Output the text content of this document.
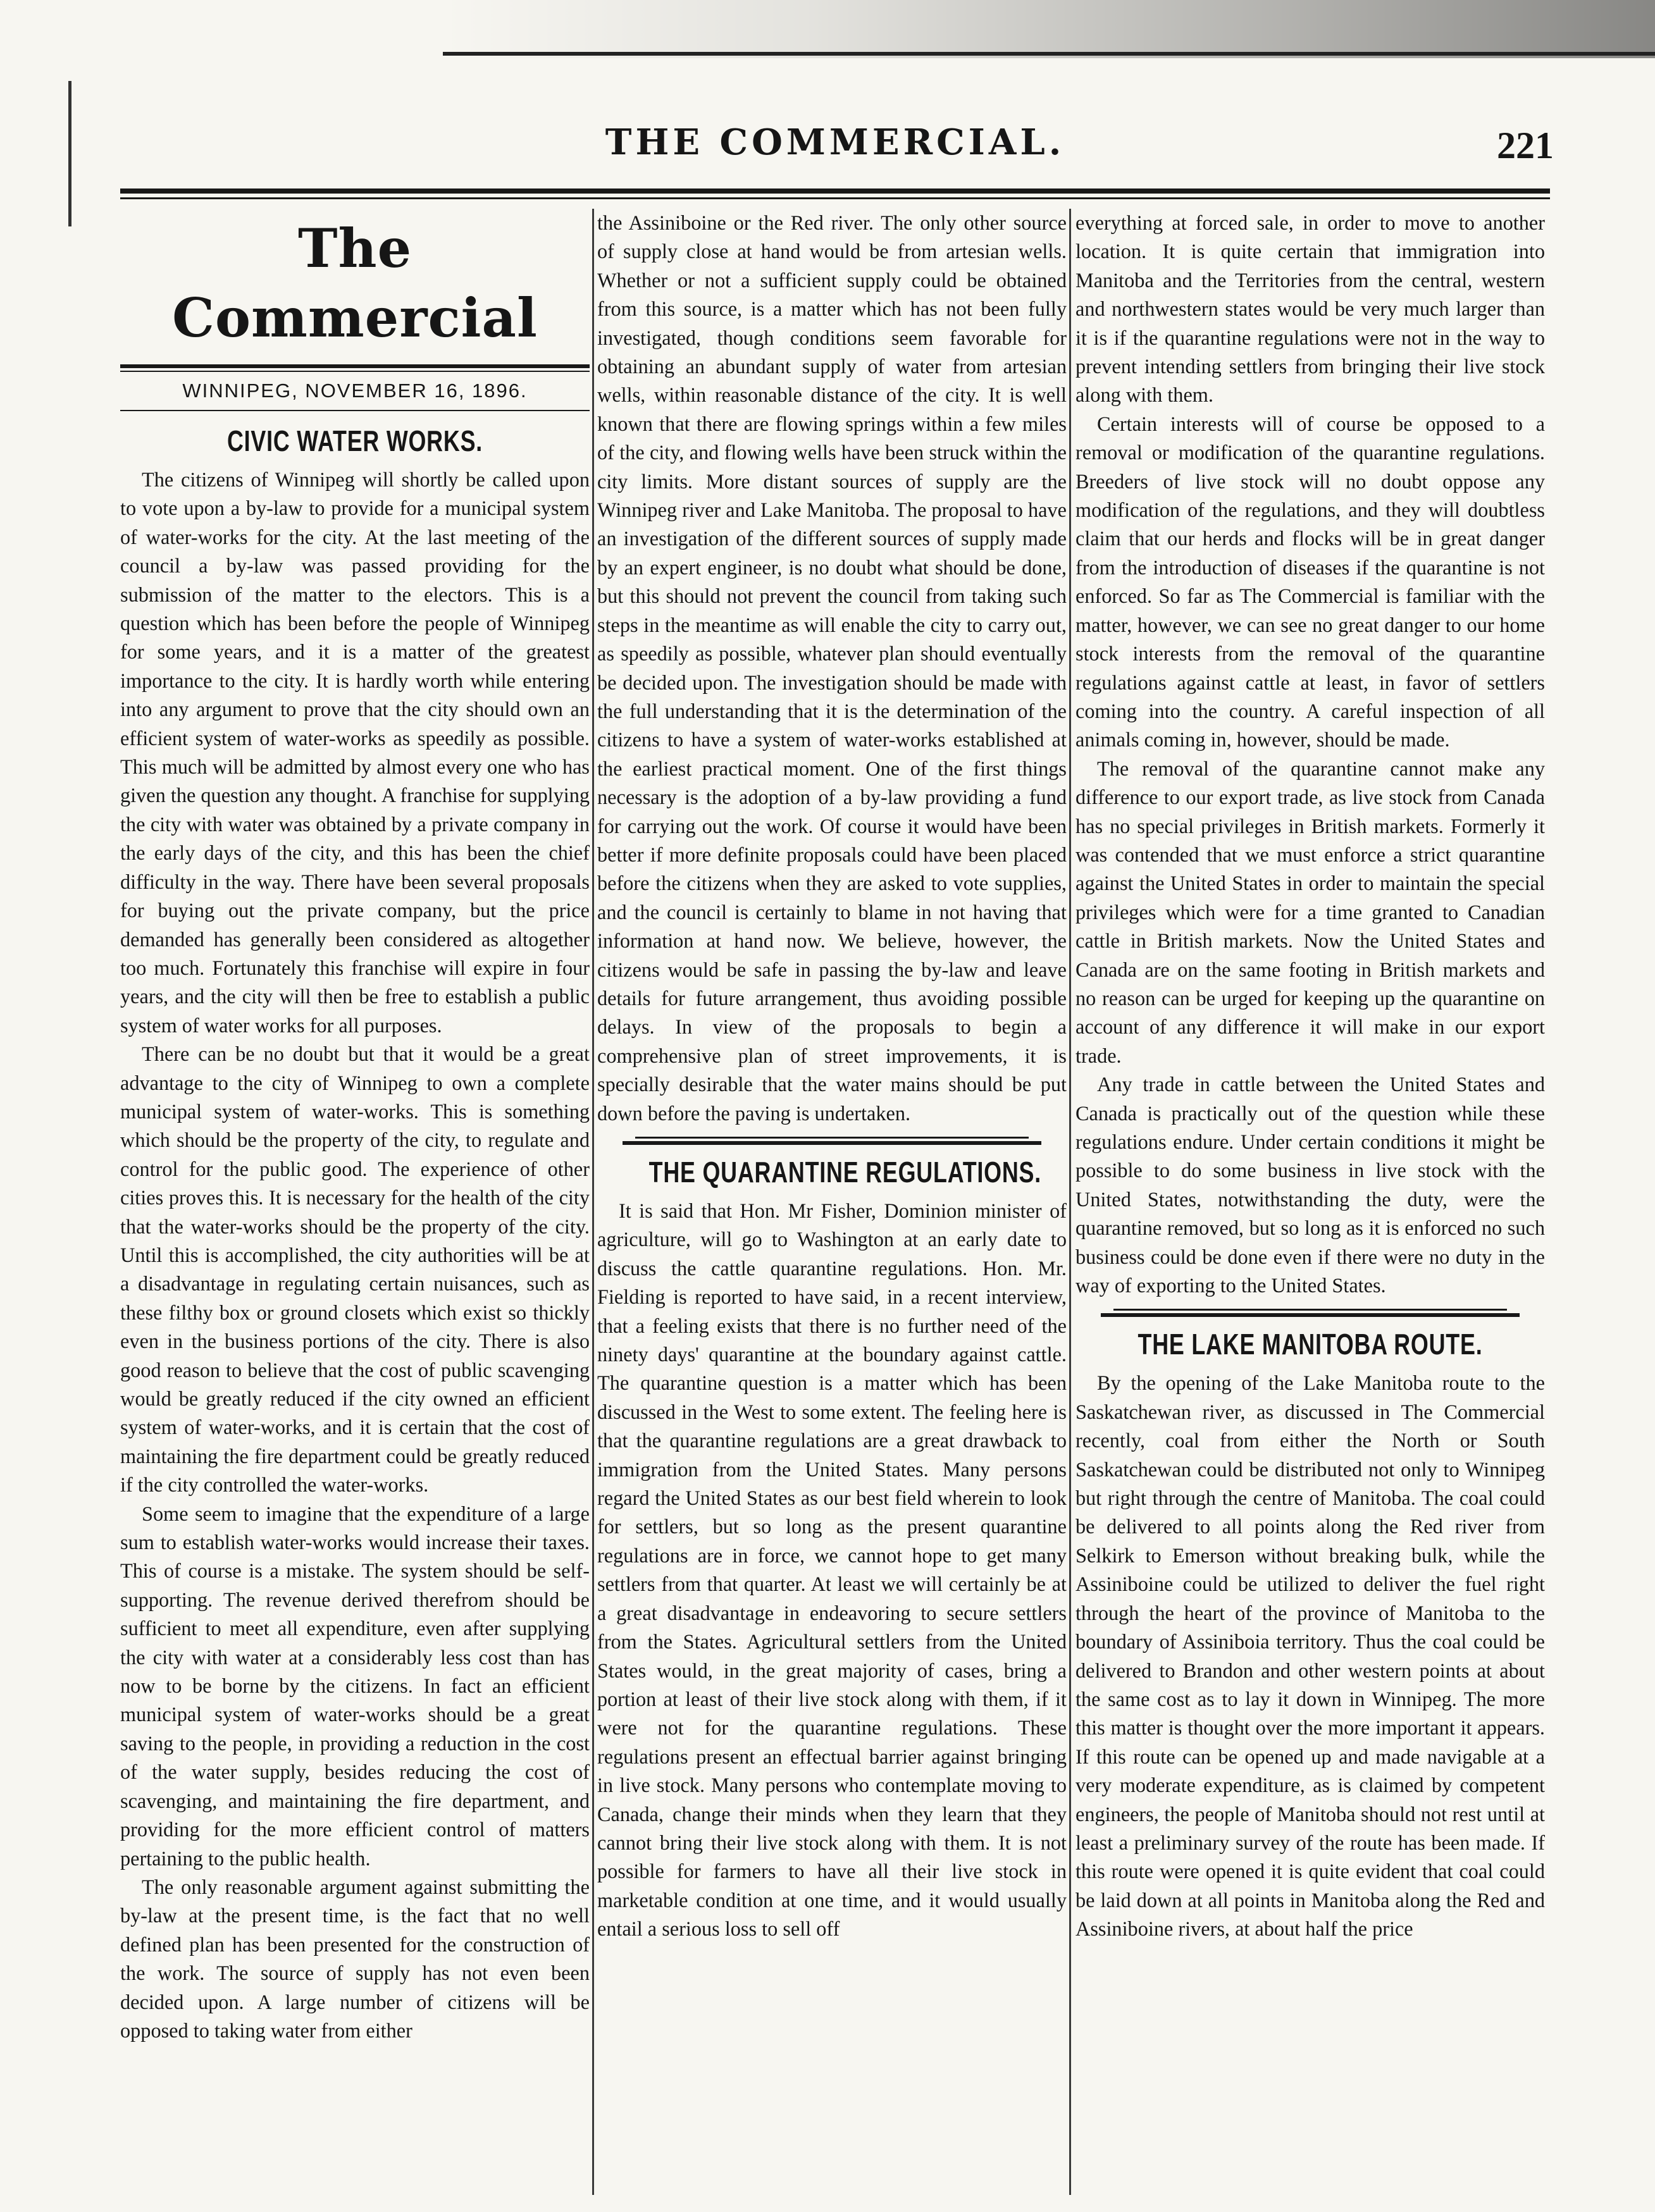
THE COMMERCIAL.	221
The Commercial
WINNIPEG, NOVEMBER 16, 1896.
CIVIC WATER WORKS.

The citizens of Winnipeg will shortly be called upon to vote upon a by-law to provide for a municipal system of water-works for the city. At the last meeting of the council a by-law was passed providing for the submission of the matter to the electors. This is a question which has been before the people of Winnipeg for some years, and it is a matter of the greatest importance to the city. It is hardly worth while entering into any argument to prove that the city should own an efficient system of water-works as speedily as possible. This much will be admitted by almost every one who has given the question any thought. A franchise for supplying the city with water was obtained by a private company in the early days of the city, and this has been the chief difficulty in the way. There have been several proposals for buying out the private company, but the price demanded has generally been considered as altogether too much. Fortunately this franchise will expire in four years, and the city will then be free to establish a public system of water works for all purposes.

There can be no doubt but that it would be a great advantage to the city of Winnipeg to own a complete municipal system of water-works. This is something which should be the property of the city, to regulate and control for the public good. The experience of other cities proves this. It is necessary for the health of the city that the water-works should be the property of the city. Until this is accomplished, the city authorities will be at a disadvantage in regulating certain nuisances, such as these filthy box or ground closets which exist so thickly even in the business portions of the city. There is also good reason to believe that the cost of public scavenging would be greatly reduced if the city owned an efficient system of water-works, and it is certain that the cost of maintaining the fire department could be greatly reduced if the city controlled the water-works.

Some seem to imagine that the expenditure of a large sum to establish water-works would increase their taxes. This of course is a mistake. The system should be self-supporting. The revenue derived therefrom should be sufficient to meet all expenditure, even after supplying the city with water at a considerably less cost than has now to be borne by the citizens. In fact an efficient municipal system of water-works should be a great saving to the people, in providing a reduction in the cost of the water supply, besides reducing the cost of scavenging, and maintaining the fire department, and providing for the more efficient control of matters pertaining to the public health.

The only reasonable argument against submitting the by-law at the present time, is the fact that no well defined plan has been presented for the construction of the work. The source of supply has not even been decided upon. A large number of citizens will be opposed to taking water from either

the Assiniboine or the Red river. The only other source of supply close at hand would be from artesian wells. Whether or not a sufficient supply could be obtained from this source, is a matter which has not been fully investigated, though conditions seem favorable for obtaining an abundant supply of water from artesian wells, within reasonable distance of the city. It is well known that there are flowing springs within a few miles of the city, and flowing wells have been struck within the city limits. More distant sources of supply are the Winnipeg river and Lake Manitoba. The proposal to have an investigation of the different sources of supply made by an expert engineer, is no doubt what should be done, but this should not prevent the council from taking such steps in the meantime as will enable the city to carry out, as speedily as possible, whatever plan should eventually be decided upon. The investigation should be made with the full understanding that it is the determination of the citizens to have a system of water-works established at the earliest practical moment. One of the first things necessary is the adoption of a by-law providing a fund for carrying out the work. Of course it would have been better if more definite proposals could have been placed before the citizens when they are asked to vote supplies, and the council is certainly to blame in not having that information at hand now. We believe, however, the citizens would be safe in passing the by-law and leave details for future arrangement, thus avoiding possible delays. In view of the proposals to begin a comprehensive plan of street improvements, it is specially desirable that the water mains should be put down before the paving is undertaken.

THE QUARANTINE REGULATIONS.

It is said that Hon. Mr Fisher, Dominion minister of agriculture, will go to Washington at an early date to discuss the cattle quarantine regulations. Hon. Mr. Fielding is reported to have said, in a recent interview, that a feeling exists that there is no further need of the ninety days' quarantine at the boundary against cattle. The quarantine question is a matter which has been discussed in the West to some extent. The feeling here is that the quarantine regulations are a great drawback to immigration from the United States. Many persons regard the United States as our best field wherein to look for settlers, but so long as the present quarantine regulations are in force, we cannot hope to get many settlers from that quarter. At least we will certainly be at a great disadvantage in endeavoring to secure settlers from the States. Agricultural settlers from the United States would, in the great majority of cases, bring a portion at least of their live stock along with them, if it were not for the quarantine regulations. These regulations present an effectual barrier against bringing in live stock. Many persons who contemplate moving to Canada, change their minds when they learn that they cannot bring their live stock along with them. It is not possible for farmers to have all their live stock in marketable condition at one time, and it would usually entail a serious loss to sell off

everything at forced sale, in order to move to another location. It is quite certain that immigration into Manitoba and the Territories from the central, western and northwestern states would be very much larger than it is if the quarantine regulations were not in the way to prevent intending settlers from bringing their live stock along with them.

Certain interests will of course be opposed to a removal or modification of the quarantine regulations. Breeders of live stock will no doubt oppose any modification of the regulations, and they will doubtless claim that our herds and flocks will be in great danger from the introduction of diseases if the quarantine is not enforced. So far as The Commercial is familiar with the matter, however, we can see no great danger to our home stock interests from the removal of the quarantine regulations against cattle at least, in favor of settlers coming into the country. A careful inspection of all animals coming in, however, should be made.

The removal of the quarantine cannot make any difference to our export trade, as live stock from Canada has no special privileges in British markets. Formerly it was contended that we must enforce a strict quarantine against the United States in order to maintain the special privileges which were for a time granted to Canadian cattle in British markets. Now the United States and Canada are on the same footing in British markets and no reason can be urged for keeping up the quarantine on account of any difference it will make in our export trade.

Any trade in cattle between the United States and Canada is practically out of the question while these regulations endure. Under certain conditions it might be possible to do some business in live stock with the United States, notwithstanding the duty, were the quarantine removed, but so long as it is enforced no such business could be done even if there were no duty in the way of exporting to the United States.

THE LAKE MANITOBA ROUTE.

By the opening of the Lake Manitoba route to the Saskatchewan river, as discussed in The Commercial recently, coal from either the North or South Saskatchewan could be distributed not only to Winnipeg but right through the centre of Manitoba. The coal could be delivered to all points along the Red river from Selkirk to Emerson without breaking bulk, while the Assiniboine could be utilized to deliver the fuel right through the heart of the province of Manitoba to the boundary of Assiniboia territory. Thus the coal could be delivered to Brandon and other western points at about the same cost as to lay it down in Winnipeg. The more this matter is thought over the more important it appears. If this route can be opened up and made navigable at a very moderate expenditure, as is claimed by competent engineers, the people of Manitoba should not rest until at least a preliminary survey of the route has been made. If this route were opened it is quite evident that coal could be laid down at all points in Manitoba along the Red and Assiniboine rivers, at about half the price
